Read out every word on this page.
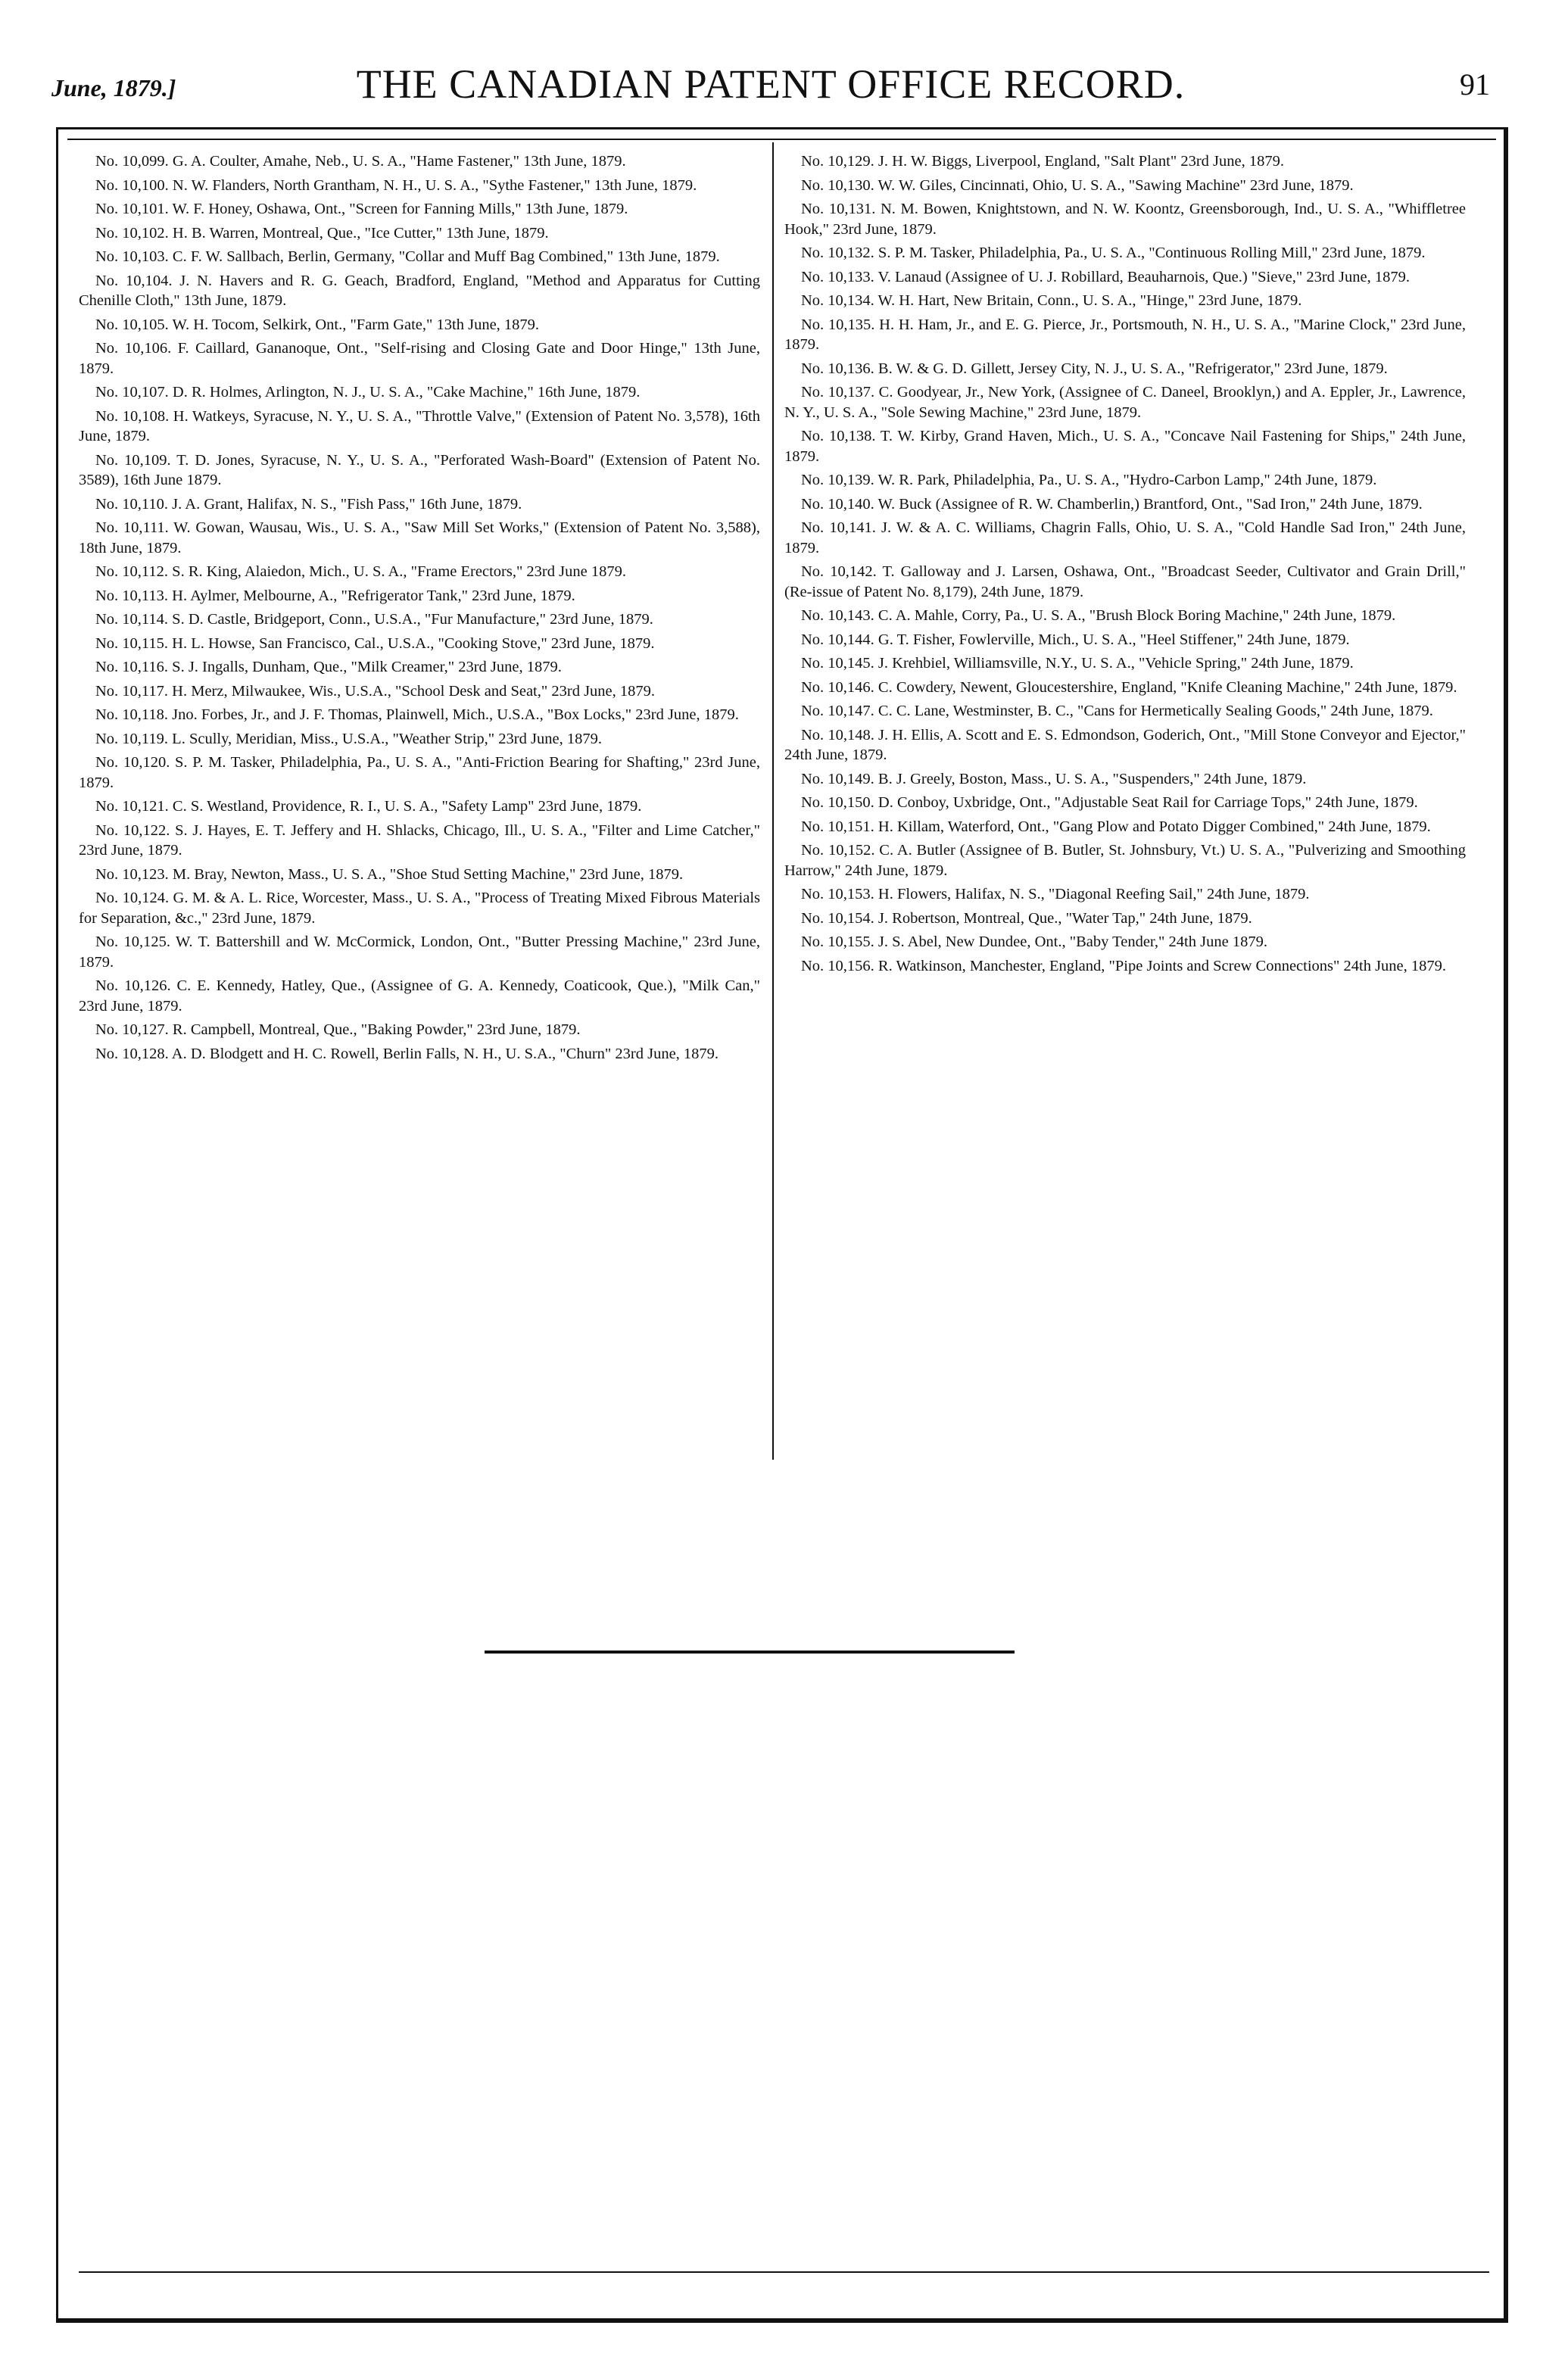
June, 1879.]	THE CANADIAN PATENT OFFICE RECORD.	91

No. 10,099. G. A. Coulter, Amahe, Neb., U. S. A., "Hame Fastener," 13th June, 1879.

No. 10,100. N. W. Flanders, North Grantham, N. H., U. S. A., "Sythe Fastener," 13th June, 1879.

No. 10,101. W. F. Honey, Oshawa, Ont., "Screen for Fanning Mills," 13th June, 1879.

No. 10,102. H. B. Warren, Montreal, Que., "Ice Cutter," 13th June, 1879.

No. 10,103. C. F. W. Sallbach, Berlin, Germany, "Collar and Muff Bag Combined," 13th June, 1879.

No. 10,104. J. N. Havers and R. G. Geach, Bradford, England, "Method and Apparatus for Cutting Chenille Cloth," 13th June, 1879.

No. 10,105. W. H. Tocom, Selkirk, Ont., "Farm Gate," 13th June, 1879.

No. 10,106. F. Caillard, Gananoque, Ont., "Self-rising and Closing Gate and Door Hinge," 13th June, 1879.

No. 10,107. D. R. Holmes, Arlington, N. J., U. S. A., "Cake Machine," 16th June, 1879.

No. 10,108. H. Watkeys, Syracuse, N. Y., U. S. A., "Throttle Valve," (Extension of Patent No. 3,578), 16th June, 1879.

No. 10,109. T. D. Jones, Syracuse, N. Y., U. S. A., "Perforated Wash-Board" (Extension of Patent No. 3589), 16th June 1879.

No. 10,110. J. A. Grant, Halifax, N. S., "Fish Pass," 16th June, 1879.

No. 10,111. W. Gowan, Wausau, Wis., U. S. A., "Saw Mill Set Works," (Extension of Patent No. 3,588), 18th June, 1879.

No. 10,112. S. R. King, Alaiedon, Mich., U. S. A., "Frame Erectors," 23rd June 1879.

No. 10,113. H. Aylmer, Melbourne, A., "Refrigerator Tank," 23rd June, 1879.

No. 10,114. S. D. Castle, Bridgeport, Conn., U.S.A., "Fur Manufacture," 23rd June, 1879.

No. 10,115. H. L. Howse, San Francisco, Cal., U.S.A., "Cooking Stove," 23rd June, 1879.

No. 10,116. S. J. Ingalls, Dunham, Que., "Milk Creamer," 23rd June, 1879.

No. 10,117. H. Merz, Milwaukee, Wis., U.S.A., "School Desk and Seat," 23rd June, 1879.

No. 10,118. Jno. Forbes, Jr., and J. F. Thomas, Plainwell, Mich., U.S.A., "Box Locks," 23rd June, 1879.

No. 10,119. L. Scully, Meridian, Miss., U.S.A., "Weather Strip," 23rd June, 1879.

No. 10,120. S. P. M. Tasker, Philadelphia, Pa., U. S. A., "Anti-Friction Bearing for Shafting," 23rd June, 1879.

No. 10,121. C. S. Westland, Providence, R. I., U. S. A., "Safety Lamp" 23rd June, 1879.

No. 10,122. S. J. Hayes, E. T. Jeffery and H. Shlacks, Chicago, Ill., U. S. A., "Filter and Lime Catcher," 23rd June, 1879.

No. 10,123. M. Bray, Newton, Mass., U. S. A., "Shoe Stud Setting Machine," 23rd June, 1879.

No. 10,124. G. M. & A. L. Rice, Worcester, Mass., U. S. A., "Process of Treating Mixed Fibrous Materials for Separation, &c.," 23rd June, 1879.

No. 10,125. W. T. Battershill and W. McCormick, London, Ont., "Butter Pressing Machine," 23rd June, 1879.

No. 10,126. C. E. Kennedy, Hatley, Que., (Assignee of G. A. Kennedy, Coaticook, Que.), "Milk Can," 23rd June, 1879.

No. 10,127. R. Campbell, Montreal, Que., "Baking Powder," 23rd June, 1879.

No. 10,128. A. D. Blodgett and H. C. Rowell, Berlin Falls, N. H., U. S.A., "Churn" 23rd June, 1879.

No. 10,129. J. H. W. Biggs, Liverpool, England, "Salt Plant" 23rd June, 1879.

No. 10,130. W. W. Giles, Cincinnati, Ohio, U. S. A., "Sawing Machine" 23rd June, 1879.

No. 10,131. N. M. Bowen, Knightstown, and N. W. Koontz, Greensborough, Ind., U. S. A., "Whiffletree Hook," 23rd June, 1879.

No. 10,132. S. P. M. Tasker, Philadelphia, Pa., U. S. A., "Continuous Rolling Mill," 23rd June, 1879.

No. 10,133. V. Lanaud (Assignee of U. J. Robillard, Beauharnois, Que.) "Sieve," 23rd June, 1879.

No. 10,134. W. H. Hart, New Britain, Conn., U. S. A., "Hinge," 23rd June, 1879.

No. 10,135. H. H. Ham, Jr., and E. G. Pierce, Jr., Portsmouth, N. H., U. S. A., "Marine Clock," 23rd June, 1879.

No. 10,136. B. W. & G. D. Gillett, Jersey City, N. J., U. S. A., "Refrigerator," 23rd June, 1879.

No. 10,137. C. Goodyear, Jr., New York, (Assignee of C. Daneel, Brooklyn,) and A. Eppler, Jr., Lawrence, N. Y., U. S. A., "Sole Sewing Machine," 23rd June, 1879.

No. 10,138. T. W. Kirby, Grand Haven, Mich., U. S. A., "Concave Nail Fastening for Ships," 24th June, 1879.

No. 10,139. W. R. Park, Philadelphia, Pa., U. S. A., "Hydro-Carbon Lamp," 24th June, 1879.

No. 10,140. W. Buck (Assignee of R. W. Chamberlin,) Brantford, Ont., "Sad Iron," 24th June, 1879.

No. 10,141. J. W. & A. C. Williams, Chagrin Falls, Ohio, U. S. A., "Cold Handle Sad Iron," 24th June, 1879.

No. 10,142. T. Galloway and J. Larsen, Oshawa, Ont., "Broadcast Seeder, Cultivator and Grain Drill," (Re-issue of Patent No. 8,179), 24th June, 1879.

No. 10,143. C. A. Mahle, Corry, Pa., U. S. A., "Brush Block Boring Machine," 24th June, 1879.

No. 10,144. G. T. Fisher, Fowlerville, Mich., U. S. A., "Heel Stiffener," 24th June, 1879.

No. 10,145. J. Krehbiel, Williamsville, N.Y., U. S. A., "Vehicle Spring," 24th June, 1879.

No. 10,146. C. Cowdery, Newent, Gloucestershire, England, "Knife Cleaning Machine," 24th June, 1879.

No. 10,147. C. C. Lane, Westminster, B. C., "Cans for Hermetically Sealing Goods," 24th June, 1879.

No. 10,148. J. H. Ellis, A. Scott and E. S. Edmondson, Goderich, Ont., "Mill Stone Conveyor and Ejector," 24th June, 1879.

No. 10,149. B. J. Greely, Boston, Mass., U. S. A., "Suspenders," 24th June, 1879.

No. 10,150. D. Conboy, Uxbridge, Ont., "Adjustable Seat Rail for Carriage Tops," 24th June, 1879.

No. 10,151. H. Killam, Waterford, Ont., "Gang Plow and Potato Digger Combined," 24th June, 1879.

No. 10,152. C. A. Butler (Assignee of B. Butler, St. Johnsbury, Vt.) U. S. A., "Pulverizing and Smoothing Harrow," 24th June, 1879.

No. 10,153. H. Flowers, Halifax, N. S., "Diagonal Reefing Sail," 24th June, 1879.

No. 10,154. J. Robertson, Montreal, Que., "Water Tap," 24th June, 1879.

No. 10,155. J. S. Abel, New Dundee, Ont., "Baby Tender," 24th June 1879.

No. 10,156. R. Watkinson, Manchester, England, "Pipe Joints and Screw Connections" 24th June, 1879.
